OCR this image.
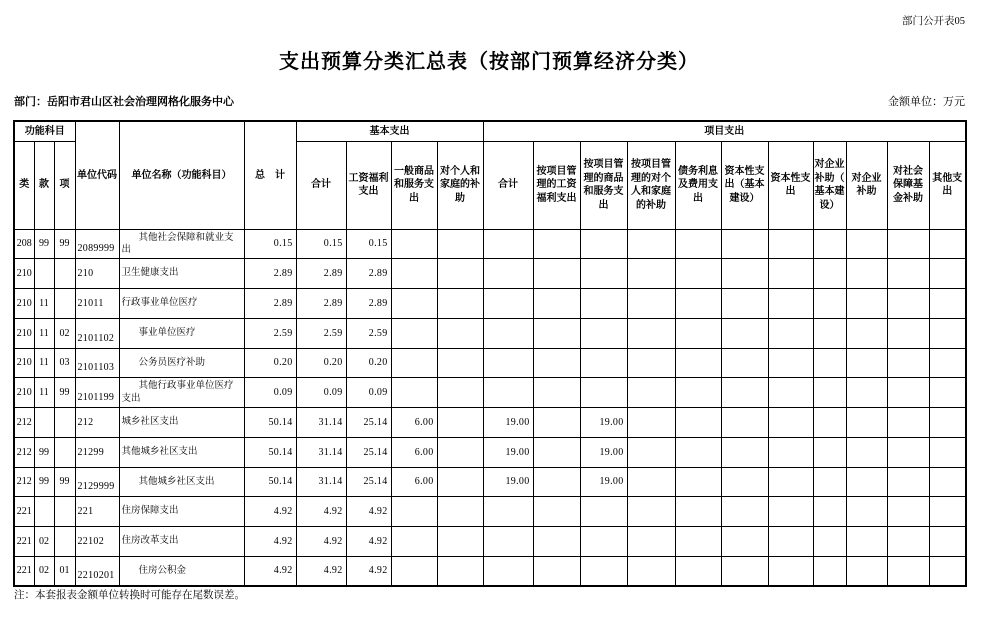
部门公开表05
支出预算分类汇总表（按部门预算经济分类）
部门：岳阳市君山区社会治理网格化服务中心	金额单位：万元
功能科目			单位代码	单位名称（功能科目）	总　计	基本支出				项目支出										
类	款	项				合计	工资福利支出	一般商品和服务支出	对个人和家庭的补助	合计	按项目管理的工资福利支出	按项目管理的商品和服务支出	按项目管理的对个人和家庭的补助	债务利息及费用支出	资本性支出（基本建设）	资本性支出	对企业补助（基本建设）	对企业补助	对社会保障基金补助	其他支出
208	99	99	2089999	其他社会保障和就业支出	0.15	0.15	0.15													
210			210	卫生健康支出	2.89	2.89	2.89													
210	11		21011	行政事业单位医疗	2.89	2.89	2.89													
210	11	02	2101102	事业单位医疗	2.59	2.59	2.59													
210	11	03	2101103	公务员医疗补助	0.20	0.20	0.20													
210	11	99	2101199	其他行政事业单位医疗支出	0.09	0.09	0.09													
212			212	城乡社区支出	50.14	31.14	25.14	6.00		19.00		19.00								
212	99		21299	其他城乡社区支出	50.14	31.14	25.14	6.00		19.00		19.00								
212	99	99	2129999	其他城乡社区支出	50.14	31.14	25.14	6.00		19.00		19.00								
221			221	住房保障支出	4.92	4.92	4.92													
221	02		22102	住房改革支出	4.92	4.92	4.92													
221	02	01	2210201	住房公积金	4.92	4.92	4.92													
注：本套报表金额单位转换时可能存在尾数误差。
